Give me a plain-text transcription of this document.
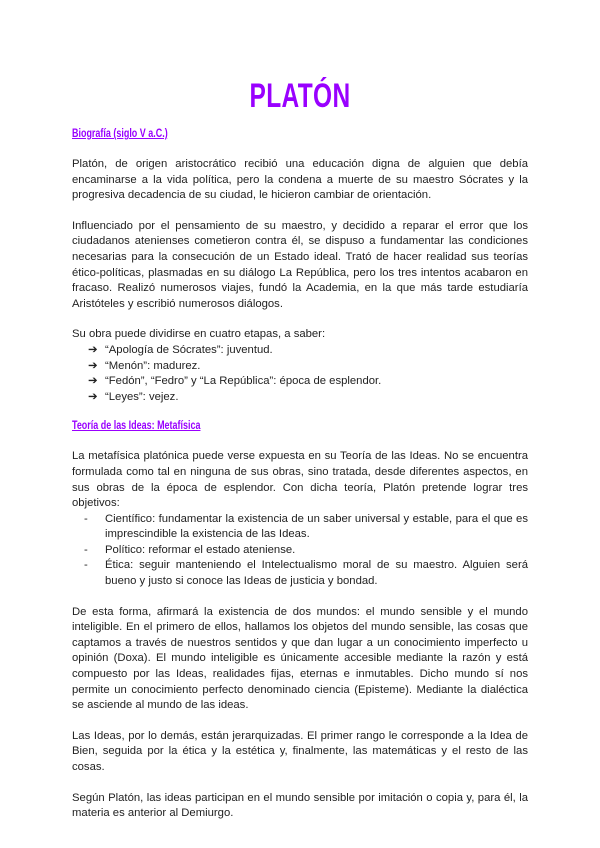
PLATÓN
Biografía (siglo V a.C.)

Platón, de origen aristocrático recibió una educación digna de alguien que debía encaminarse a la vida política, pero la condena a muerte de su maestro Sócrates y la progresiva decadencia de su ciudad, le hicieron cambiar de orientación.

Influenciado por el pensamiento de su maestro, y decidido a reparar el error que los ciudadanos atenienses cometieron contra él, se dispuso a fundamentar las condiciones necesarias para la consecución de un Estado ideal. Trató de hacer realidad sus teorías ético-políticas, plasmadas en su diálogo La República, pero los tres intentos acabaron en fracaso. Realizó numerosos viajes, fundó la Academia, en la que más tarde estudiaría Aristóteles y escribió numerosos diálogos.

Su obra puede dividirse en cuatro etapas, a saber:

➔ “Apología de Sócrates”: juventud.
➔ “Menón”: madurez.
➔ “Fedón”, “Fedro” y “La República”: época de esplendor.
➔ “Leyes”: vejez.
Teoría de las Ideas: Metafísica

La metafísica platónica puede verse expuesta en su Teoría de las Ideas. No se encuentra formulada como tal en ninguna de sus obras, sino tratada, desde diferentes aspectos, en sus obras de la época de esplendor. Con dicha teoría, Platón pretende lograr tres objetivos:

- Científico: fundamentar la existencia de un saber universal y estable, para el que es imprescindible la existencia de las Ideas.
- Político: reformar el estado ateniense.
- Ética: seguir manteniendo el Intelectualismo moral de su maestro. Alguien será bueno y justo si conoce las Ideas de justicia y bondad.

De esta forma, afirmará la existencia de dos mundos: el mundo sensible y el mundo inteligible. En el primero de ellos, hallamos los objetos del mundo sensible, las cosas que captamos a través de nuestros sentidos y que dan lugar a un conocimiento imperfecto u opinión (Doxa). El mundo inteligible es únicamente accesible mediante la razón y está compuesto por las Ideas, realidades fijas, eternas e inmutables. Dicho mundo sí nos permite un conocimiento perfecto denominado ciencia (Episteme). Mediante la dialéctica se asciende al mundo de las ideas.

Las Ideas, por lo demás, están jerarquizadas. El primer rango le corresponde a la Idea de Bien, seguida por la ética y la estética y, finalmente, las matemáticas y el resto de las cosas.

Según Platón, las ideas participan en el mundo sensible por imitación o copia y, para él, la materia es anterior al Demiurgo.
